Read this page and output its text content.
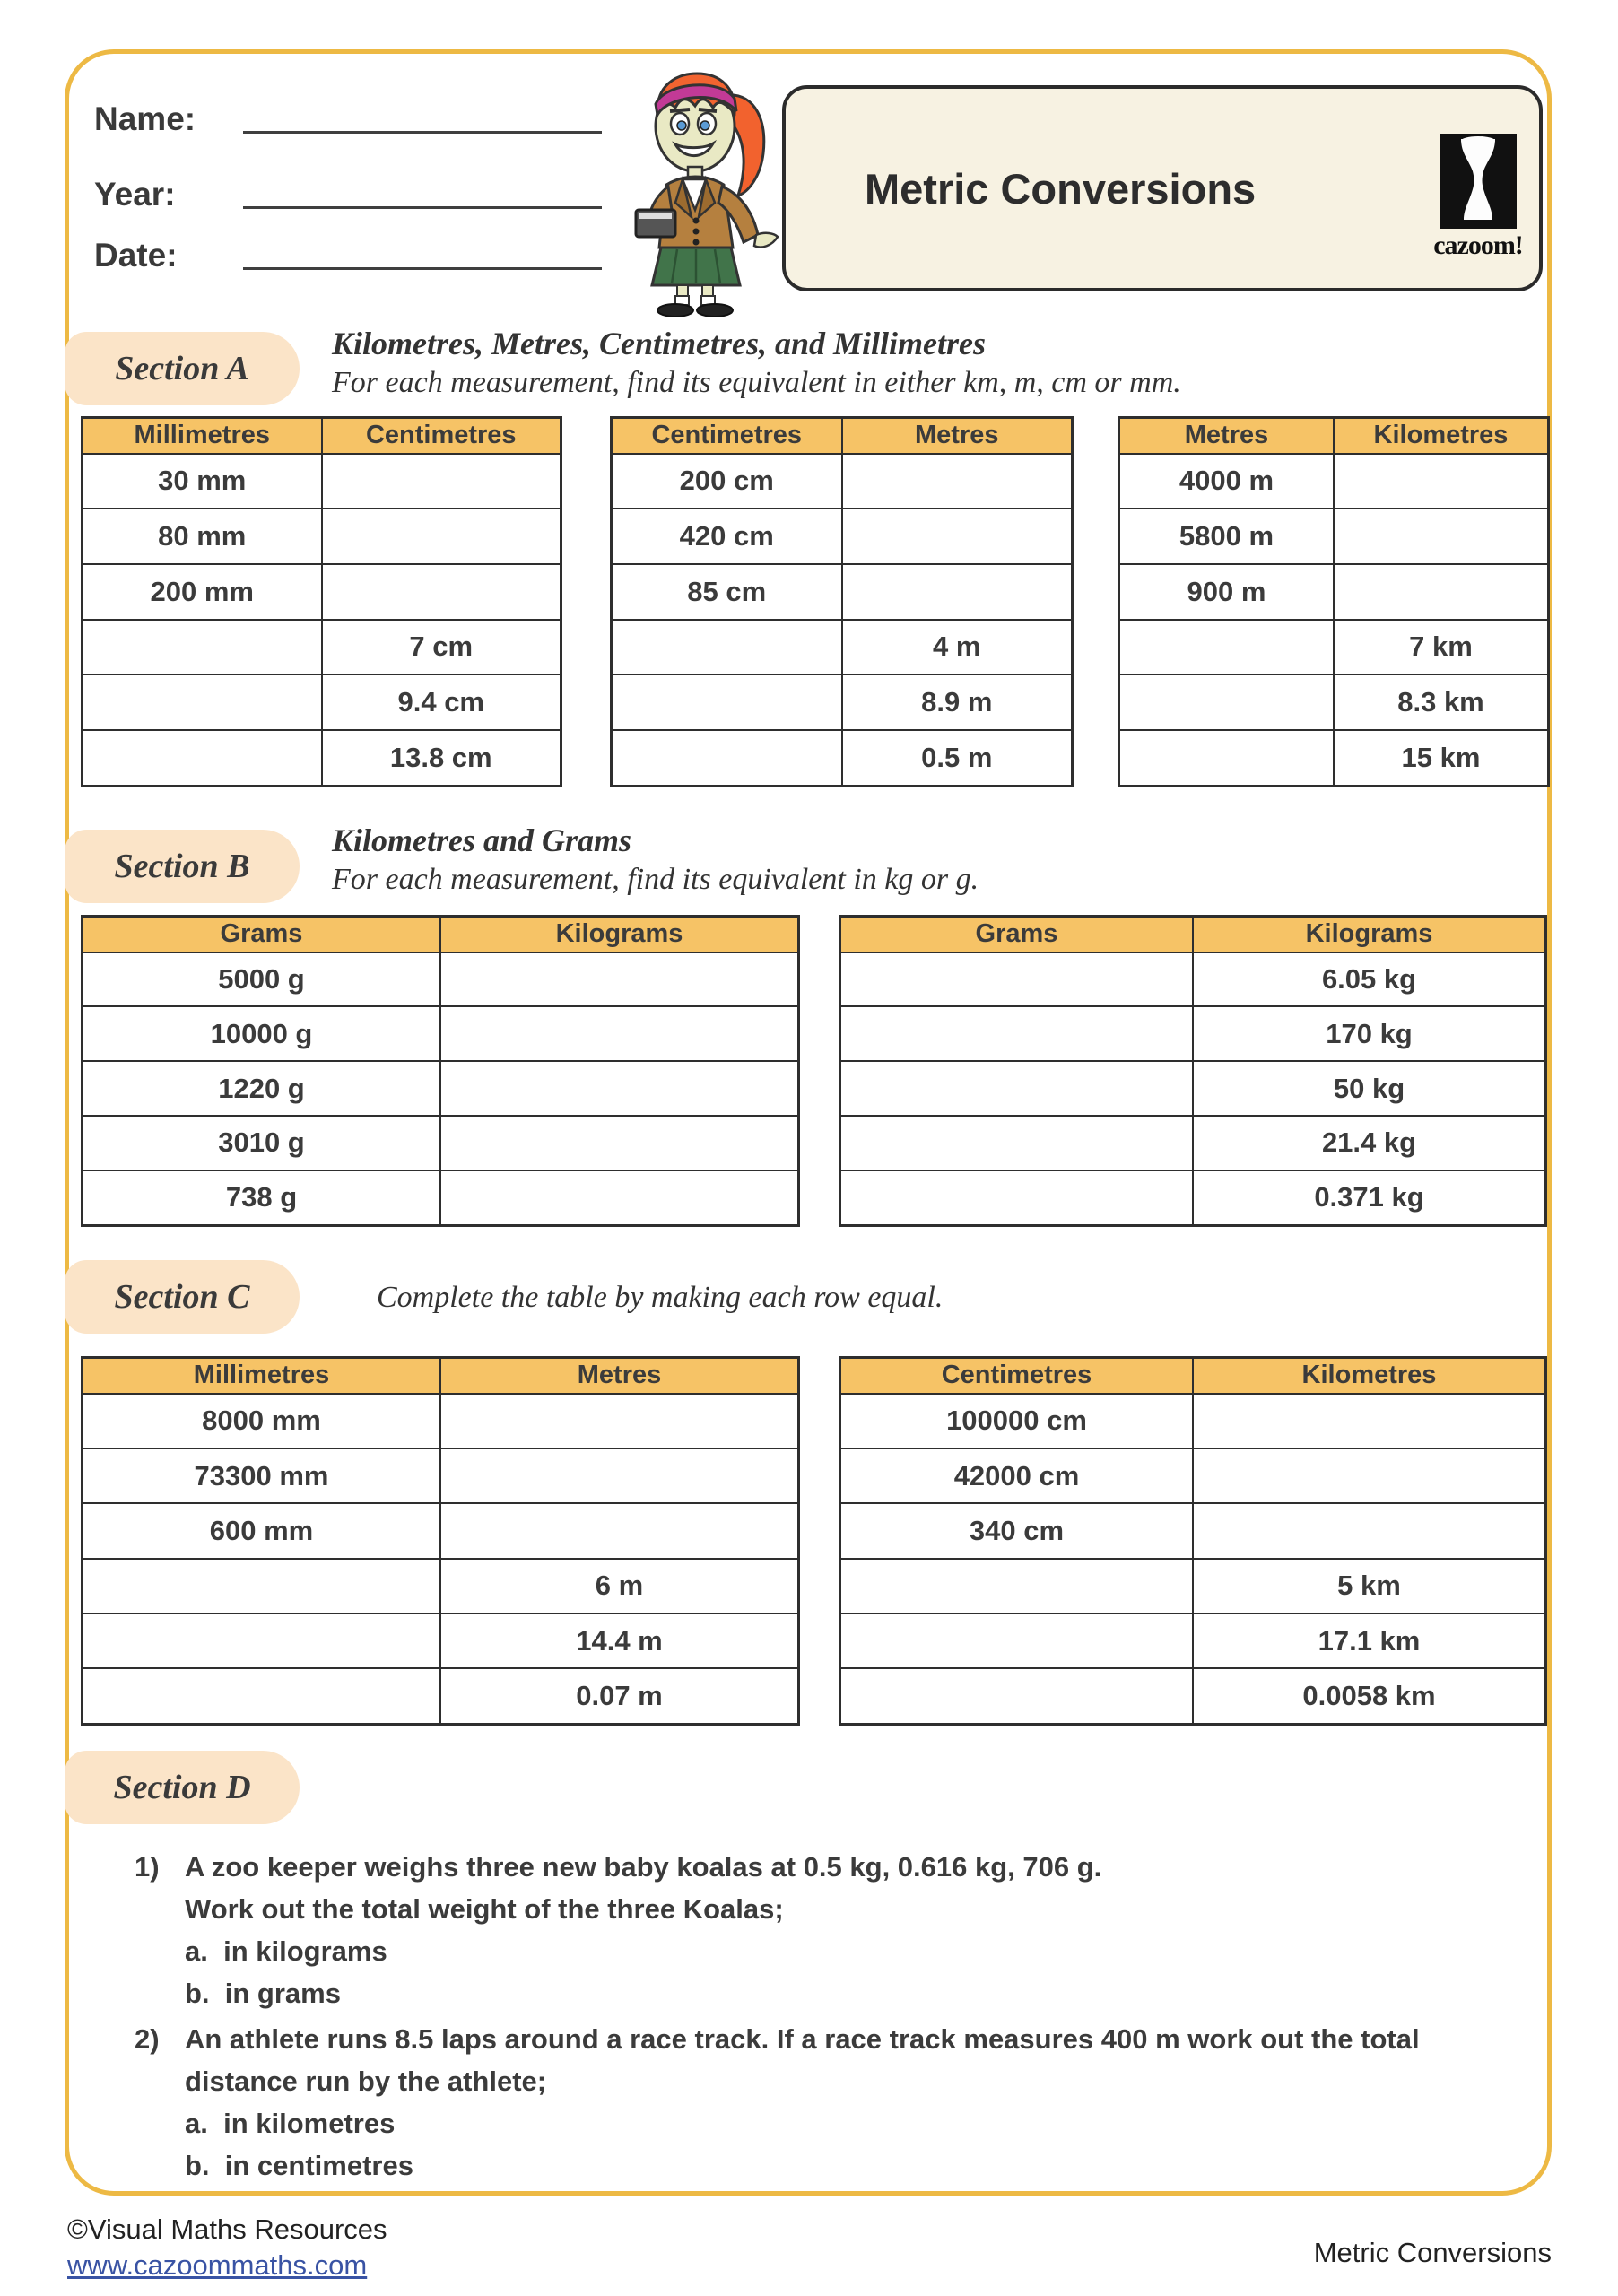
Name:
Year:
Date:
Metric Conversions
cazoom!
Section A
Kilometres, Metres, Centimetres, and Millimetres
For each measurement, find its equivalent in either km, m, cm or mm.
Millimetres	Centimetres
30 mm	
80 mm	
200 mm	
	7 cm
	9.4 cm
	13.8 cm
Centimetres	Metres
200 cm	
420 cm	
85 cm	
	4 m
	8.9 m
	0.5 m
Metres	Kilometres
4000 m	
5800 m	
900 m	
	7 km
	8.3 km
	15 km
Section B
Kilometres and Grams
For each measurement, find its equivalent in kg or g.
Grams	Kilograms
5000 g	
10000 g	
1220 g	
3010 g	
738 g	
Grams	Kilograms
	6.05 kg
	170 kg
	50 kg
	21.4 kg
	0.371 kg
Section C	Complete the table by making each row equal.
Millimetres	Metres
8000 mm	
73300 mm	
600 mm	
	6 m
	14.4 m
	0.07 m
Centimetres	Kilometres
100000 cm	
42000 cm	
340 cm	
	5 km
	17.1 km
	0.0058 km
Section D
1) A zoo keeper weighs three new baby koalas at 0.5 kg, 0.616 kg, 706 g.
Work out the total weight of the three Koalas;
a.  in kilograms
b.  in grams
2) An athlete runs 8.5 laps around a race track. If a race track measures 400 m work out the total
distance run by the athlete;
a.  in kilometres
b.  in centimetres
©Visual Maths Resources
www.cazoommaths.com	Metric Conversions
